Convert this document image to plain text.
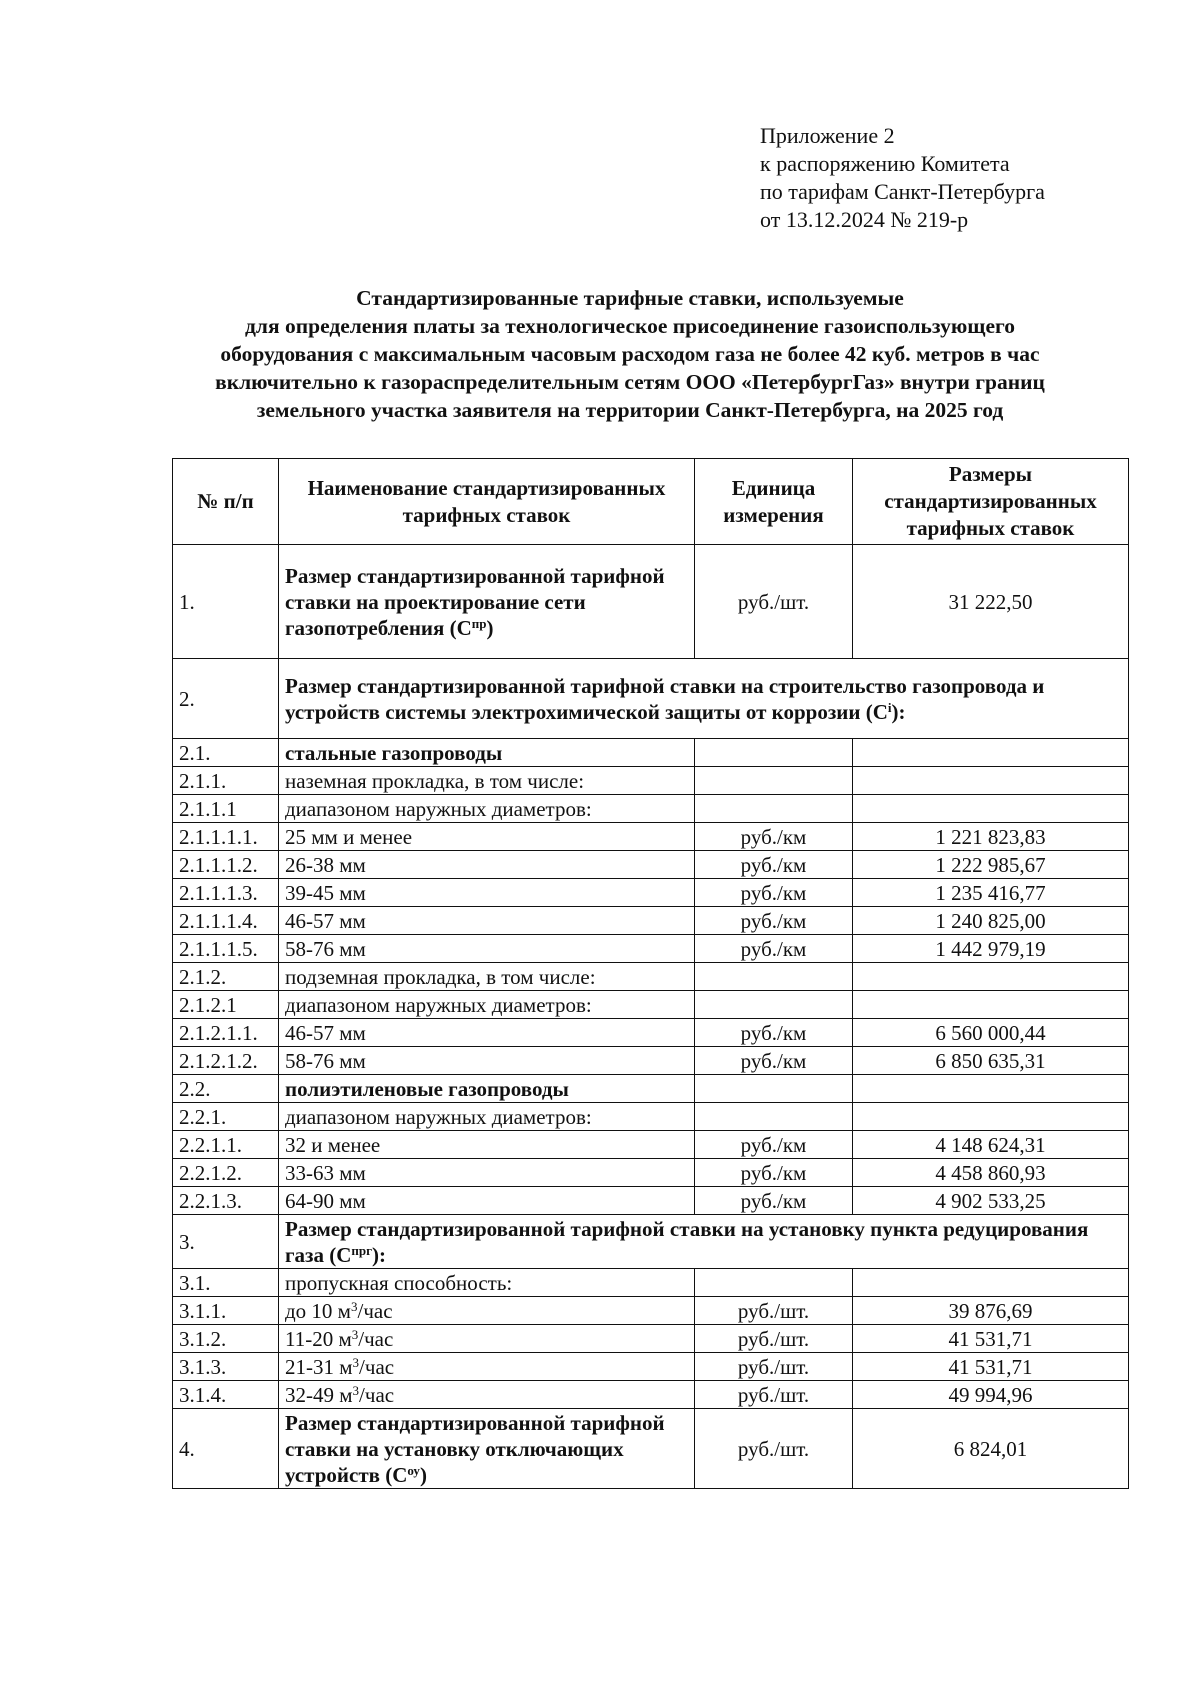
Приложение 2
к распоряжению Комитета
по тарифам Санкт-Петербурга
от 13.12.2024 № 219-р
Стандартизированные тарифные ставки, используемые
для определения платы за технологическое присоединение газоиспользующего
оборудования с максимальным часовым расходом газа не более 42 куб. метров в час
включительно к газораспределительным сетям ООО «ПетербургГаз» внутри границ
земельного участка заявителя на территории Санкт-Петербурга, на 2025 год
№ п/п	Наименование стандартизированных тарифных ставок	Единица измерения	Размеры стандартизированных тарифных ставок
1.	Размер стандартизированной тарифной ставки на проектирование сети газопотребления $(С^{пр})$	руб./шт.	31 222,50
2.	Размер стандартизированной тарифной ставки на строительство газопровода и устройств системы электрохимической защиты от коррозии $(С^i)$:		
2.1.	стальные газопроводы		
2.1.1.	наземная прокладка, в том числе:		
2.1.1.1	диапазоном наружных диаметров:		
2.1.1.1.1.	25 мм и менее	руб./км	1 221 823,83
2.1.1.1.2.	26-38 мм	руб./км	1 222 985,67
2.1.1.1.3.	39-45 мм	руб./км	1 235 416,77
2.1.1.1.4.	46-57 мм	руб./км	1 240 825,00
2.1.1.1.5.	58-76 мм	руб./км	1 442 979,19
2.1.2.	подземная прокладка, в том числе:		
2.1.2.1	диапазоном наружных диаметров:		
2.1.2.1.1.	46-57 мм	руб./км	6 560 000,44
2.1.2.1.2.	58-76 мм	руб./км	6 850 635,31
2.2.	полиэтиленовые газопроводы		
2.2.1.	диапазоном наружных диаметров:		
2.2.1.1.	32 и менее	руб./км	4 148 624,31
2.2.1.2.	33-63 мм	руб./км	4 458 860,93
2.2.1.3.	64-90 мм	руб./км	4 902 533,25
3.	Размер стандартизированной тарифной ставки на установку пункта редуцирования газа $(С^{прг})$:		
3.1.	пропускная способность:		
3.1.1.	до 10 $м^3$/час	руб./шт.	39 876,69
3.1.2.	11-20 $м^3$/час	руб./шт.	41 531,71
3.1.3.	21-31 $м^3$/час	руб./шт.	41 531,71
3.1.4.	32-49 $м^3$/час	руб./шт.	49 994,96
4.	Размер стандартизированной тарифной ставки на установку отключающих устройств $(С^{оу})$	руб./шт.	6 824,01
